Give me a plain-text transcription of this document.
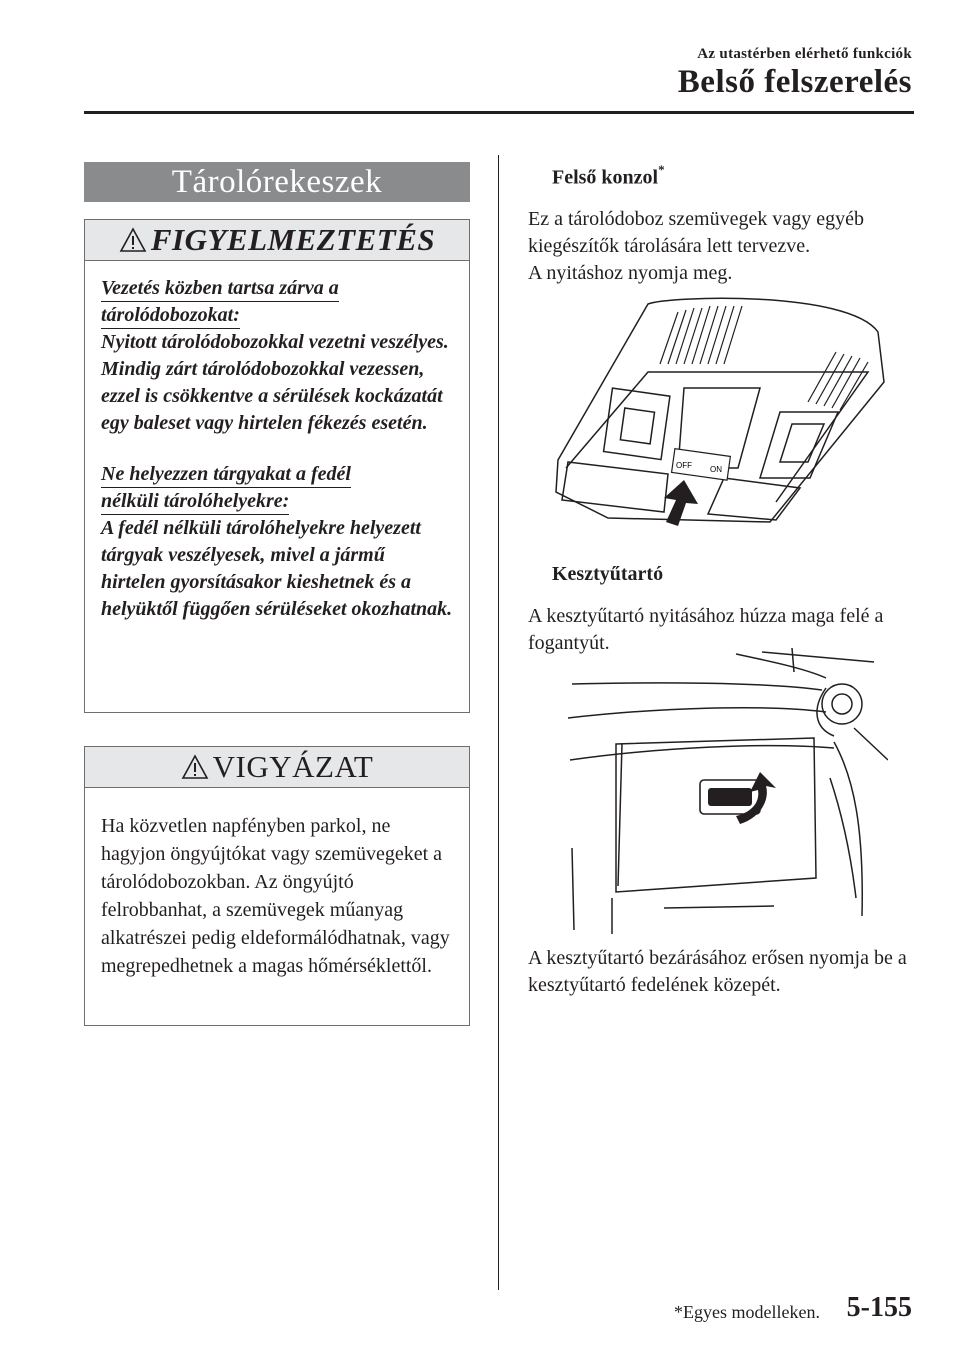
Az utastérben elérhető funkciók
Belső felszerelés
Tárolórekeszek
FIGYELMEZTETÉS
Vezetés közben tartsa zárva a
tárolódobozokat:

Nyitott tárolódobozokkal vezetni veszélyes. Mindig zárt tárolódobozokkal vezessen, ezzel is csökkentve a sérülések kockázatát egy baleset vagy hirtelen fékezés esetén.

Ne helyezzen tárgyakat a fedél
nélküli tárolóhelyekre:

A fedél nélküli tárolóhelyekre helyezett tárgyak veszélyesek, mivel a jármű hirtelen gyorsításakor kieshetnek és a helyüktől függően sérüléseket okozhatnak.

VIGYÁZAT

Ha közvetlen napfényben parkol, ne hagyjon öngyújtókat vagy szemüvegeket a tárolódobozokban. Az öngyújtó felrobbanhat, a szemüvegek műanyag alkatrészei pedig eldeformálódhatnak, vagy megrepedhetnek a magas hőmérséklettől.

Felső konzol*
Ez a tárolódoboz szemüvegek vagy egyéb
kiegészítők tárolására lett tervezve.
A nyitáshoz nyomja meg.
OFF ON
Kesztyűtartó
A kesztyűtartó nyitásához húzza maga felé a fogantyút.
A kesztyűtartó bezárásához erősen nyomja be a kesztyűtartó fedelének közepét.
*Egyes modelleken. 5-155
